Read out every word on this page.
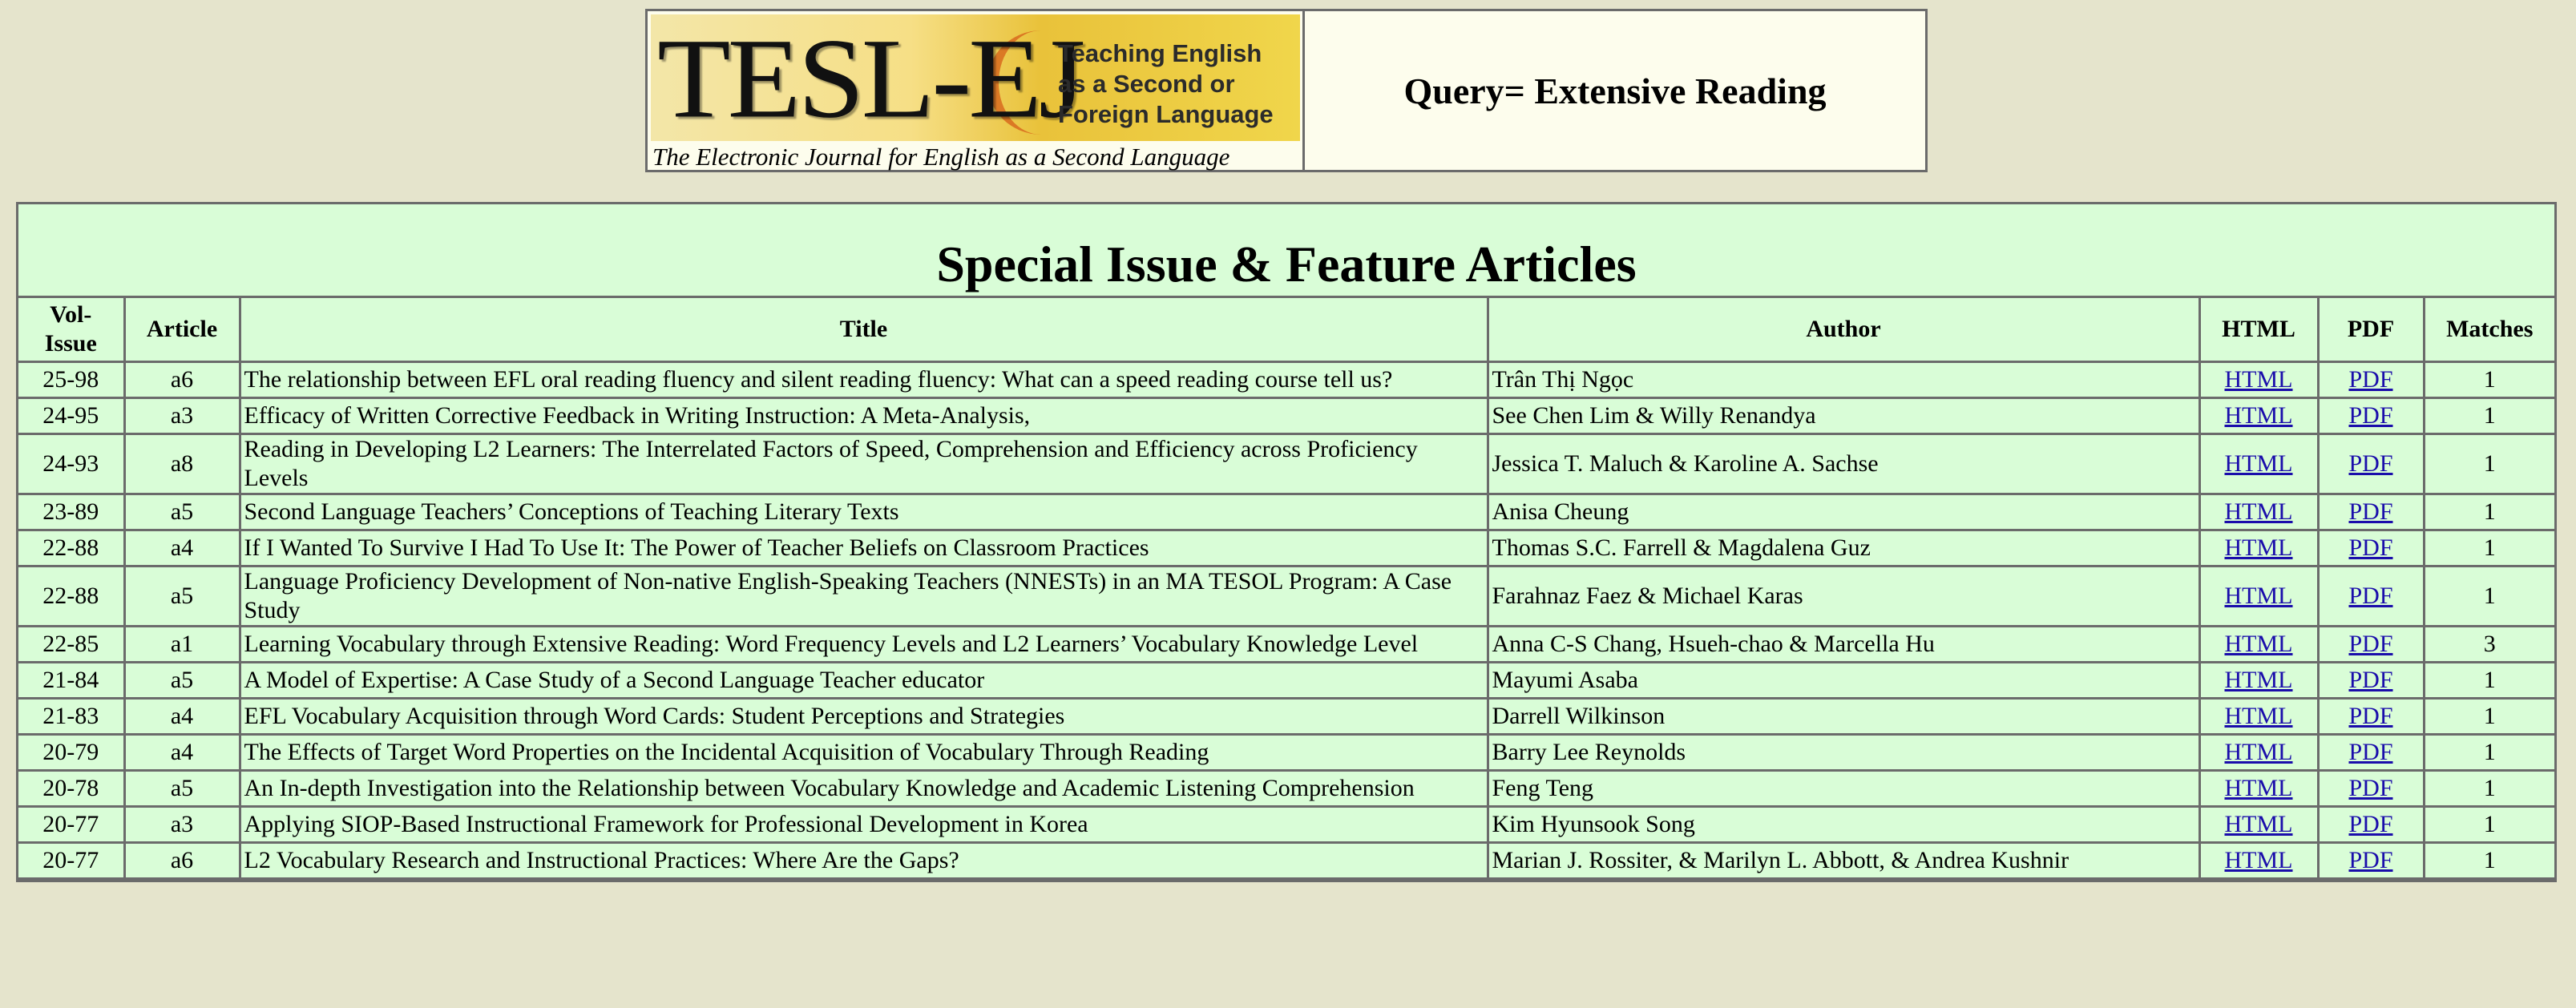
TESL-EJ
Teaching English
as a Second or
Foreign Language
The Electronic Journal for English as a Second Language
Query= Extensive Reading
Special Issue & Feature Articles
Vol-
Issue	Article	Title	Author	HTML	PDF	Matches
25-98	a6	The relationship between EFL oral reading fluency and silent reading fluency: What can a speed reading course tell us?	Trân Thị Ngọc	HTML	PDF	1
24-95	a3	Efficacy of Written Corrective Feedback in Writing Instruction: A Meta-Analysis,	See Chen Lim & Willy Renandya	HTML	PDF	1
24-93	a8	Reading in Developing L2 Learners: The Interrelated Factors of Speed, Comprehension and Efficiency across Proficiency Levels	Jessica T. Maluch & Karoline A. Sachse	HTML	PDF	1
23-89	a5	Second Language Teachers’ Conceptions of Teaching Literary Texts	Anisa Cheung	HTML	PDF	1
22-88	a4	If I Wanted To Survive I Had To Use It: The Power of Teacher Beliefs on Classroom Practices	Thomas S.C. Farrell & Magdalena Guz	HTML	PDF	1
22-88	a5	Language Proficiency Development of Non-native English-Speaking Teachers (NNESTs) in an MA TESOL Program: A Case Study	Farahnaz Faez & Michael Karas	HTML	PDF	1
22-85	a1	Learning Vocabulary through Extensive Reading: Word Frequency Levels and L2 Learners’ Vocabulary Knowledge Level	Anna C-S Chang, Hsueh-chao & Marcella Hu	HTML	PDF	3
21-84	a5	A Model of Expertise: A Case Study of a Second Language Teacher educator	Mayumi Asaba	HTML	PDF	1
21-83	a4	EFL Vocabulary Acquisition through Word Cards: Student Perceptions and Strategies	Darrell Wilkinson	HTML	PDF	1
20-79	a4	The Effects of Target Word Properties on the Incidental Acquisition of Vocabulary Through Reading	Barry Lee Reynolds	HTML	PDF	1
20-78	a5	An In-depth Investigation into the Relationship between Vocabulary Knowledge and Academic Listening Comprehension	Feng Teng	HTML	PDF	1
20-77	a3	Applying SIOP-Based Instructional Framework for Professional Development in Korea	Kim Hyunsook Song	HTML	PDF	1
20-77	a6	L2 Vocabulary Research and Instructional Practices: Where Are the Gaps?	Marian J. Rossiter, & Marilyn L. Abbott, & Andrea Kushnir	HTML	PDF	1
